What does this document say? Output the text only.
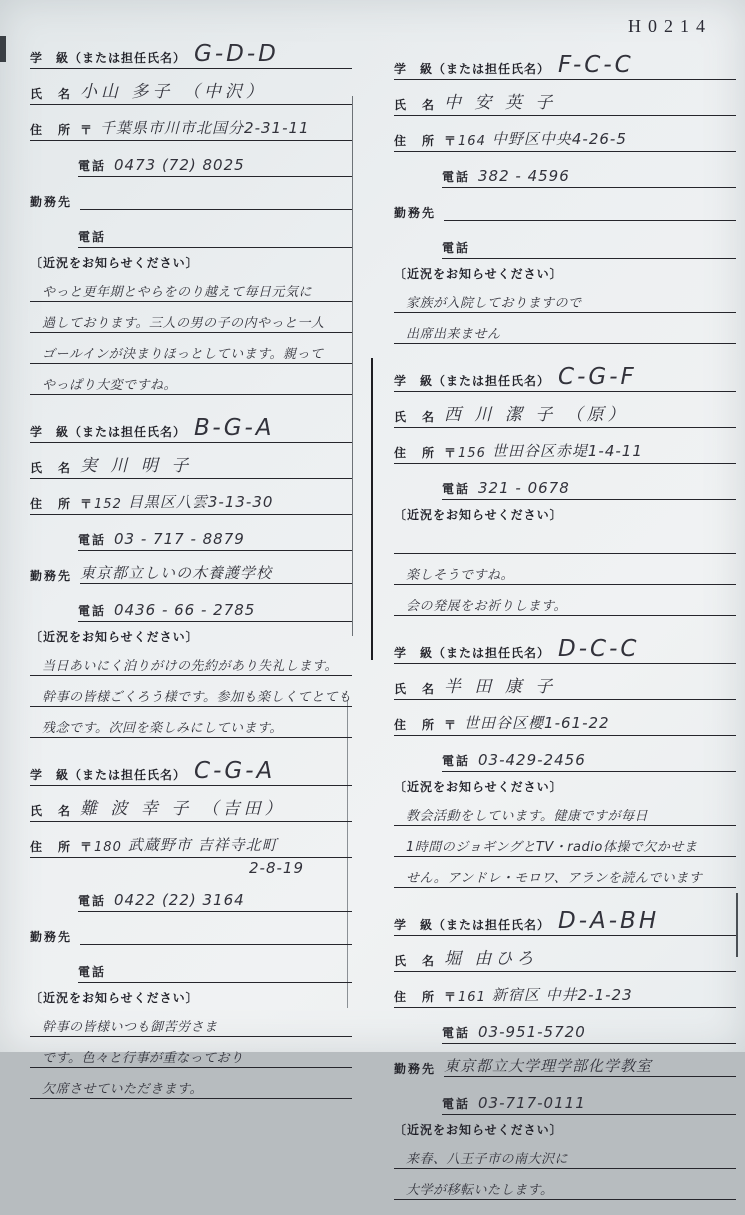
学　級（または担任氏名） G-D-D
氏　名 小山 多子 （中沢）
住　所 〒 千葉県市川市北国分2-31-11
電話 0473 (72) 8025
勤務先
電話
〔近況をお知らせください〕
やっと更年期とやらをのり越えて毎日元気に
過しております。三人の男の子の内やっと一人
ゴールインが決まりほっとしています。親って
やっぱり大変ですね。
学　級（または担任氏名） B-G-A
氏　名 実 川 明 子
住　所 〒 152 目黒区八雲3-13-30
電話 03 - 717 - 8879
勤務先 東京都立しいの木養護学校
電話 0436 - 66 - 2785
〔近況をお知らせください〕
当日あいにく泊りがけの先約があり失礼します。
幹事の皆様ごくろう様です。参加も楽しくてとても
残念です。次回を楽しみにしています。
学　級（または担任氏名） C-G-A
氏　名 難 波 幸 子 （吉田）
住　所 〒 180 武蔵野市 吉祥寺北町
2-8-19
電話 0422 (22) 3164
勤務先
電話
〔近況をお知らせください〕
幹事の皆様いつも御苦労さま
です。色々と行事が重なっており
欠席させていただきます。
H0214
学　級（または担任氏名） F-C-C
氏　名 中 安 英 子
住　所 〒 164 中野区中央4-26-5
電話 382 - 4596
勤務先
電話
〔近況をお知らせください〕
家族が入院しておりますので
出席出来ません
学　級（または担任氏名） C-G-F
氏　名 西 川 潔 子 （原）
住　所 〒 156 世田谷区赤堤1-4-11
電話 321 - 0678
〔近況をお知らせください〕
楽しそうですね。
会の発展をお祈りします。
学　級（または担任氏名） D-C-C
氏　名 半 田 康 子
住　所 〒 世田谷区櫻1-61-22
電話 03-429-2456
〔近況をお知らせください〕
教会活動をしています。健康ですが毎日
1時間のジョギングとTV・radio体操で欠かせま
せん。アンドレ・モロワ、アランを読んでいます
学　級（または担任氏名） D-A-BH
氏　名 堀 由ひろ
住　所 〒 161 新宿区 中井2-1-23
電話 03-951-5720
勤務先 東京都立大学理学部化学教室
電話 03-717-0111
〔近況をお知らせください〕
来春、八王子市の南大沢に
大学が移転いたします。
